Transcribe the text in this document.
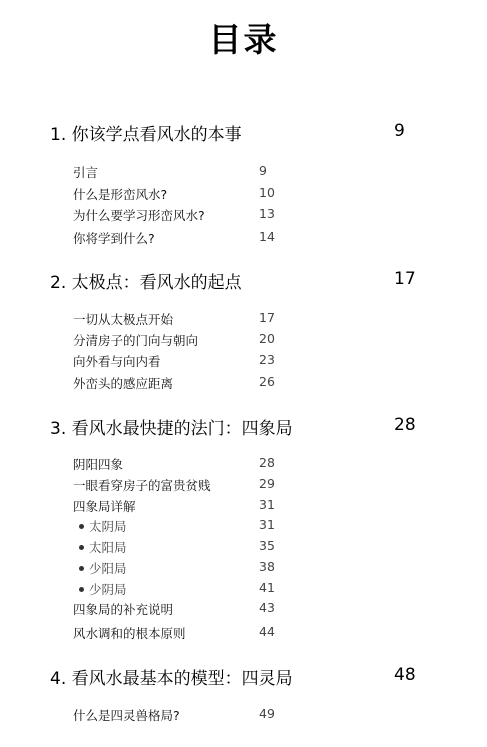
目录
1. 你该学点看风水的本事	9
引言	9
什么是形峦风水?	10
为什么要学习形峦风水?	13
你将学到什么?	14
2. 太极点：看风水的起点	17
一切从太极点开始	17
分清房子的门向与朝向	20
向外看与向内看	23
外峦头的感应距离	26
3. 看风水最快捷的法门：四象局	28
阴阳四象	28
一眼看穿房子的富贵贫贱	29
四象局详解	31
太阴局	31
太阳局	35
少阳局	38
少阴局	41
四象局的补充说明	43
风水调和的根本原则	44
4. 看风水最基本的模型：四灵局	48
什么是四灵兽格局?	49
